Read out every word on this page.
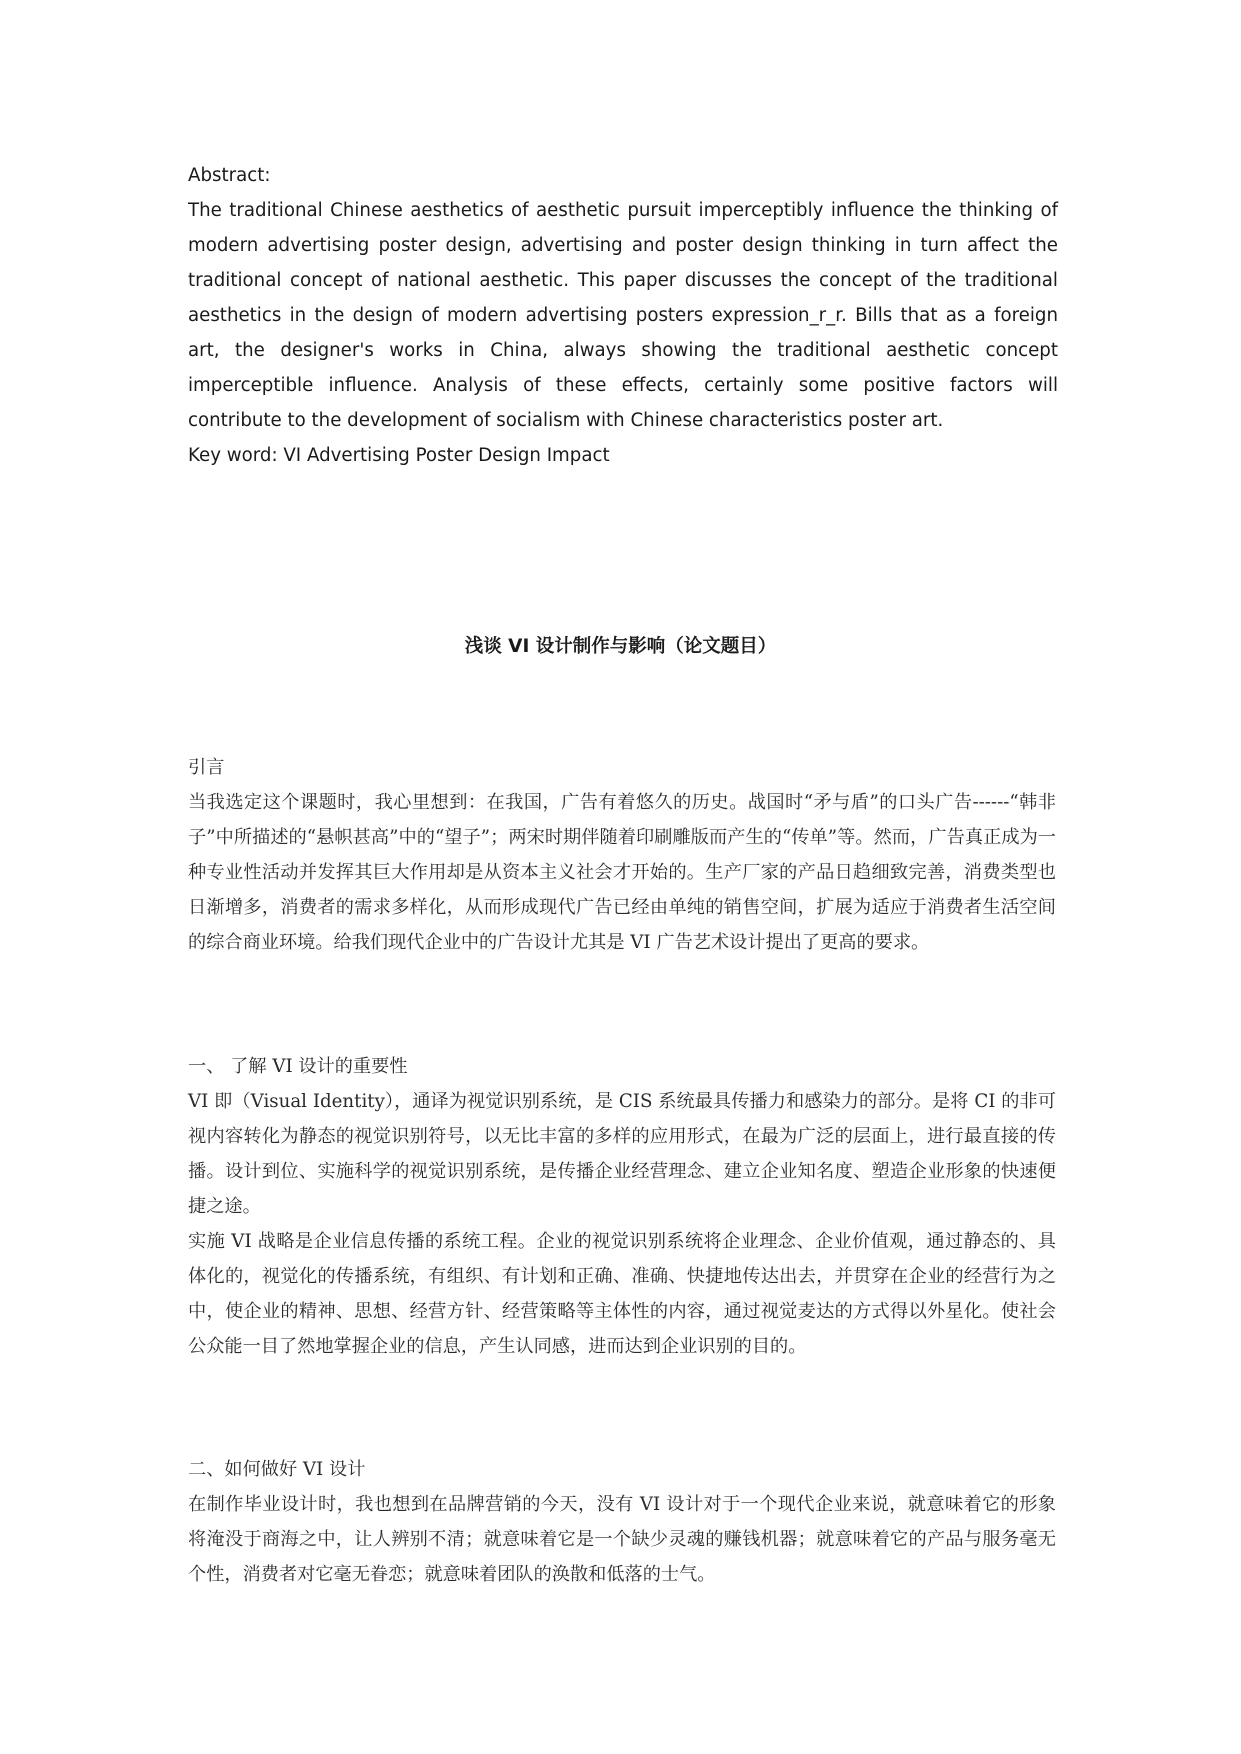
Abstract:
The traditional Chinese aesthetics of aesthetic pursuit imperceptibly influence the thinking of modern advertising poster design, advertising and poster design thinking in turn affect the traditional concept of national aesthetic. This paper discusses the concept of the traditional aesthetics in the design of modern advertising posters expression_r_r. Bills that as a foreign art, the designer's works in China, always showing the traditional aesthetic concept imperceptible influence. Analysis of these effects, certainly some positive factors will contribute to the development of socialism with Chinese characteristics poster art.
Key word: VI Advertising Poster Design Impact
浅谈 VI 设计制作与影响（论文题目）
引言
当我选定这个课题时，我心里想到：在我国，广告有着悠久的历史。战国时“矛与盾”的口头广告------“韩非子”中所描述的“悬帜甚高”中的“望子”；两宋时期伴随着印刷雕版而产生的“传单”等。然而，广告真正成为一种专业性活动并发挥其巨大作用却是从资本主义社会才开始的。生产厂家的产品日趋细致完善，消费类型也日渐增多，消费者的需求多样化，从而形成现代广告已经由单纯的销售空间，扩展为适应于消费者生活空间的综合商业环境。给我们现代企业中的广告设计尤其是 VI 广告艺术设计提出了更高的要求。
一、 了解 VI 设计的重要性
VI 即（Visual Identity），通译为视觉识别系统，是 CIS 系统最具传播力和感染力的部分。是将 CI 的非可视内容转化为静态的视觉识别符号，以无比丰富的多样的应用形式，在最为广泛的层面上，进行最直接的传播。设计到位、实施科学的视觉识别系统，是传播企业经营理念、建立企业知名度、塑造企业形象的快速便捷之途。
实施 VI 战略是企业信息传播的系统工程。企业的视觉识别系统将企业理念、企业价值观，通过静态的、具体化的，视觉化的传播系统，有组织、有计划和正确、准确、快捷地传达出去，并贯穿在企业的经营行为之中，使企业的精神、思想、经营方针、经营策略等主体性的内容，通过视觉麦达的方式得以外星化。使社会公众能一目了然地掌握企业的信息，产生认同感，进而达到企业识别的目的。
二、如何做好 VI 设计
在制作毕业设计时，我也想到在品牌营销的今天，没有 VI 设计对于一个现代企业来说，就意味着它的形象将淹没于商海之中，让人辨别不清；就意味着它是一个缺少灵魂的赚钱机器；就意味着它的产品与服务毫无个性，消费者对它毫无眷恋；就意味着团队的涣散和低落的士气。
